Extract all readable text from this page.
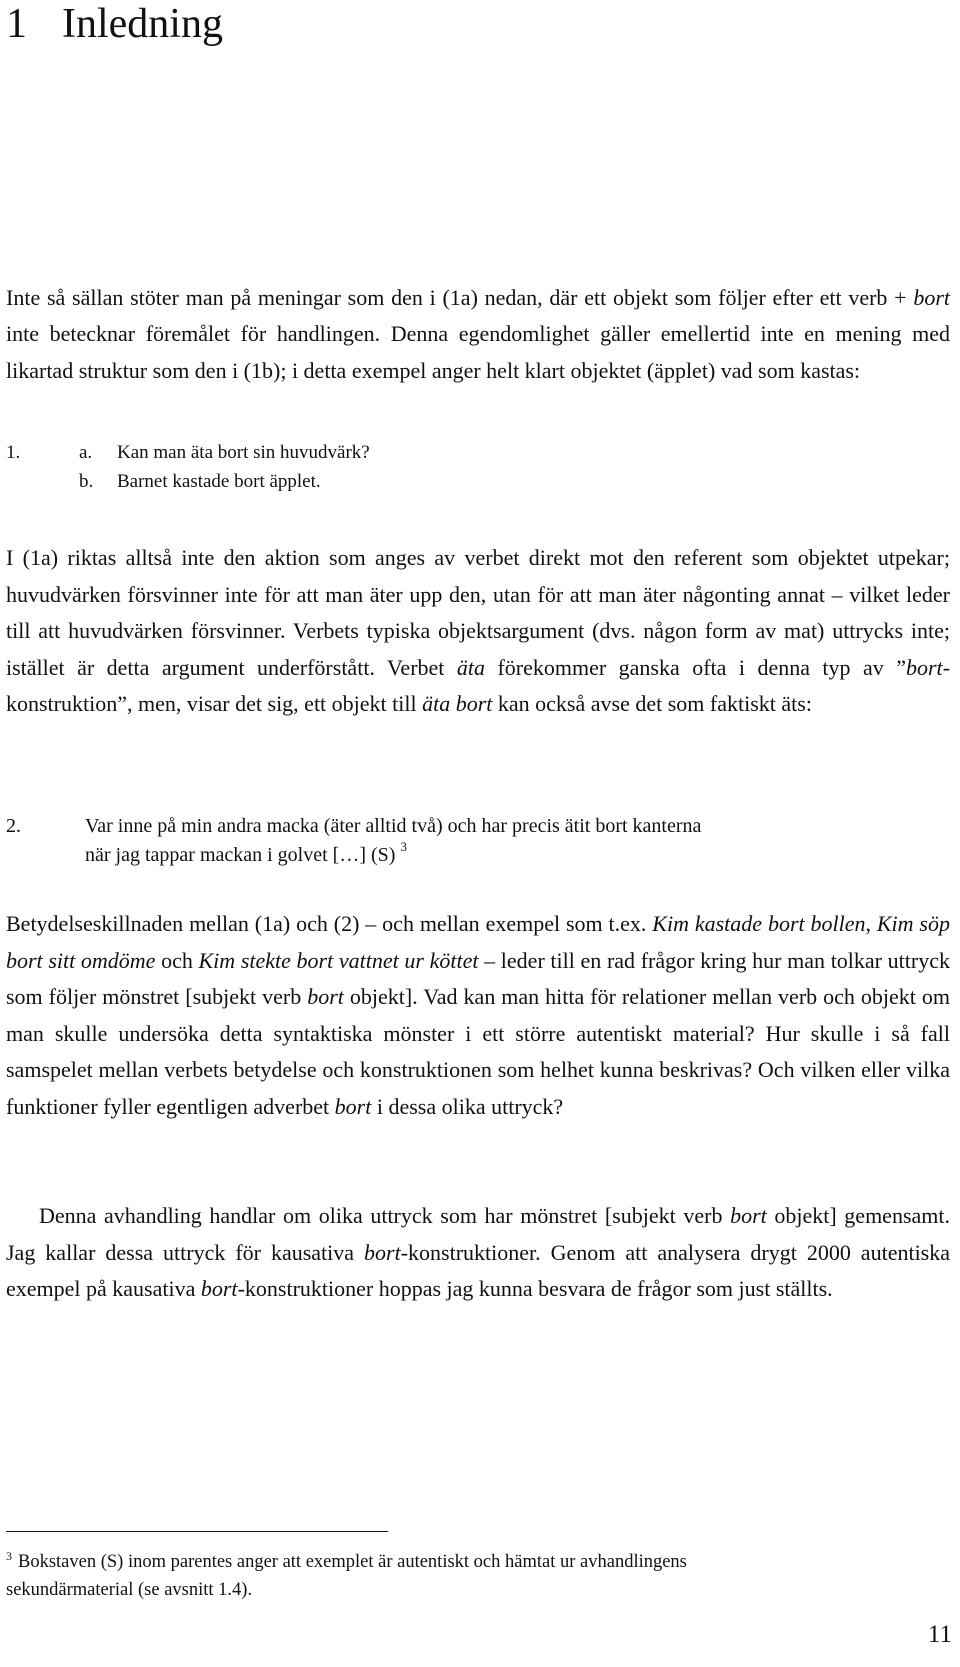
1 Inledning

Inte så sällan stöter man på meningar som den i (1a) nedan, där ett objekt som följer efter ett verb + bort inte betecknar föremålet för handlingen. Denna egendomlighet gäller emellertid inte en mening med likartad struktur som den i (1b); i detta exempel anger helt klart objektet (äpplet) vad som kastas:

1.	a. Kan man äta bort sin huvudvärk?
b. Barnet kastade bort äpplet.

I (1a) riktas alltså inte den aktion som anges av verbet direkt mot den referent som objektet utpekar; huvudvärken försvinner inte för att man äter upp den, utan för att man äter någonting annat – vilket leder till att huvudvärken försvinner. Verbets typiska objektsargument (dvs. någon form av mat) uttrycks inte; istället är detta argument underförstått. Verbet äta förekommer ganska ofta i denna typ av ”bort-konstruktion”, men, visar det sig, ett objekt till äta bort kan också avse det som faktiskt äts:

2.	Var inne på min andra macka (äter alltid två) och har precis ätit bort kanterna
när jag tappar mackan i golvet […] (S) $^3$

Betydelseskillnaden mellan (1a) och (2) – och mellan exempel som t.ex. Kim kastade bort bollen, Kim söp bort sitt omdöme och Kim stekte bort vattnet ur köttet – leder till en rad frågor kring hur man tolkar uttryck som följer mönstret [subjekt verb bort objekt]. Vad kan man hitta för relationer mellan verb och objekt om man skulle undersöka detta syntaktiska mönster i ett större autentiskt material? Hur skulle i så fall samspelet mellan verbets betydelse och konstruktionen som helhet kunna beskrivas? Och vilken eller vilka funktioner fyller egentligen adverbet bort i dessa olika uttryck?

Denna avhandling handlar om olika uttryck som har mönstret [subjekt verb bort objekt] gemensamt. Jag kallar dessa uttryck för kausativa bort-konstruktioner. Genom att analysera drygt 2000 autentiska exempel på kausativa bort-konstruktioner hoppas jag kunna besvara de frågor som just ställts.

$^3$ Bokstaven (S) inom parentes anger att exemplet är autentiskt och hämtat ur avhandlingens
sekundärmaterial (se avsnitt 1.4).
11
